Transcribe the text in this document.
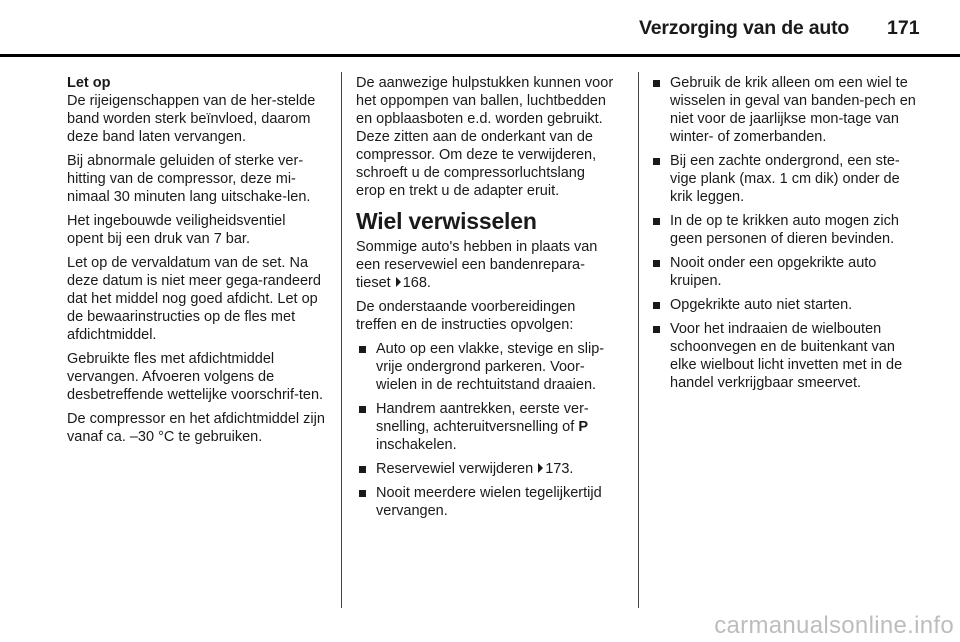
Verzorging van de auto 171

Let op
De rijeigenschappen van de her-stelde band worden sterk beïnvloed, daarom deze band laten vervangen.

Bij abnormale geluiden of sterke ver-hitting van de compressor, deze mi-nimaal 30 minuten lang uitschake-len.

Het ingebouwde veiligheidsventiel opent bij een druk van 7 bar.

Let op de vervaldatum van de set. Na deze datum is niet meer gega-randeerd dat het middel nog goed afdicht. Let op de bewaarinstructies op de fles met afdichtmiddel.

Gebruikte fles met afdichtmiddel vervangen. Afvoeren volgens de desbetreffende wettelijke voorschrif-ten.

De compressor en het afdichtmiddel zijn vanaf ca. –30 °C te gebruiken.

De aanwezige hulpstukken kunnen voor het oppompen van ballen, luchtbedden en opblaasboten e.d. worden gebruikt. Deze zitten aan de onderkant van de compressor. Om deze te verwijderen, schroeft u de compressorluchtslang erop en trekt u de adapter eruit.

Wiel verwisselen

Sommige auto's hebben in plaats van een reservewiel een bandenrepara-tieset 168.

De onderstaande voorbereidingen treffen en de instructies opvolgen:

Auto op een vlakke, stevige en slip-vrije ondergrond parkeren. Voor-wielen in de rechtuitstand draaien.
Handrem aantrekken, eerste ver-snelling, achteruitversnelling of P inschakelen.
Reservewiel verwijderen 173.
Nooit meerdere wielen tegelijkertijd vervangen.
Gebruik de krik alleen om een wiel te wisselen in geval van banden-pech en niet voor de jaarlijkse mon-tage van winter- of zomerbanden.
Bij een zachte ondergrond, een ste-vige plank (max. 1 cm dik) onder de krik leggen.
In de op te krikken auto mogen zich geen personen of dieren bevinden.
Nooit onder een opgekrikte auto kruipen.
Opgekrikte auto niet starten.
Voor het indraaien de wielbouten schoonvegen en de buitenkant van elke wielbout licht invetten met in de handel verkrijgbaar smeervet.
carmanualsonline.info
